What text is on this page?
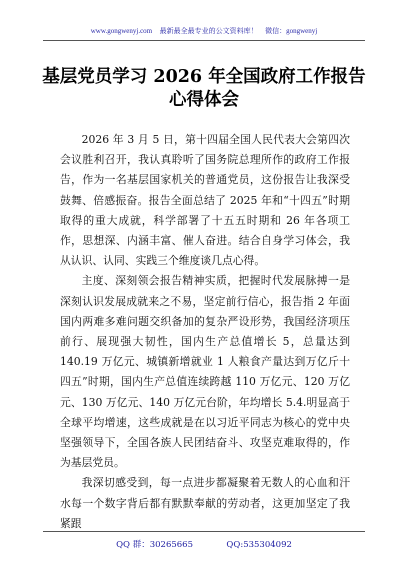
www.gongwenyj.com 最新最全最专业的公文资料库！ 微信：gongwenyj
基层党员学习 2026 年全国政府工作报告
心得体会

2026 年 3 月 5 日，第十四届全国人民代表大会第四次会议胜利召开，我认真聆听了国务院总理所作的政府工作报告，作为一名基层国家机关的普通党员，这份报告让我深受鼓舞、倍感振奋。报告全面总结了 2025 年和“十四五”时期取得的重大成就，科学部署了十五五时期和 26 年各项工作，思想深、内涵丰富、催人奋进。结合自身学习体会，我从认识、认同、实践三个维度谈几点心得。

主度、深刻领会报告精神实质，把握时代发展脉搏一是深刻认识发展成就来之不易，坚定前行信心，报告指 2 年面国内两难多难问题交织备加的复杂严设形势，我国经济项压前行、展现强大韧性，国内生产总值增长 5，总量达到 140.19 万亿元、城镇新增就业 1 人粮食产量达到万亿斤十四五”时期，国内生产总值连续跨越 110 万亿元、120 万亿元、130 万亿元、140 万亿元台阶，年均增长 5.4.明显高于全球平均增速，这些成就是在以习近平同志为核心的党中央坚强领导下，全国各族人民团结奋斗、攻坚克难取得的，作为基层党员。

我深切感受到，每一点进步都凝聚着无数人的心血和汗水每一个数字背后都有默默奉献的劳动者，这更加坚定了我紧跟

QQ 群：30265665	QQ:535304092
